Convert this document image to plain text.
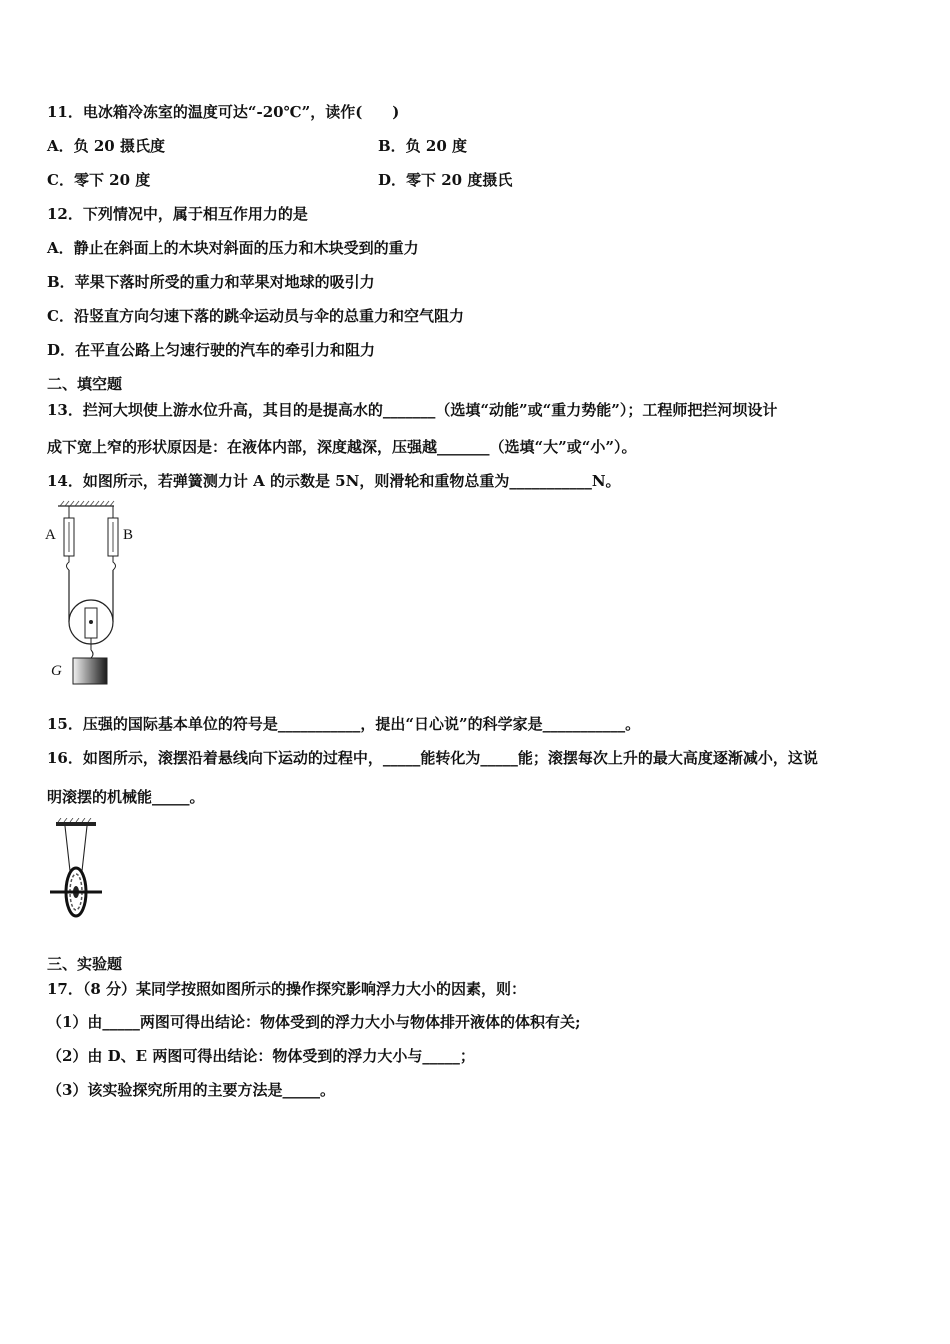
11．电冰箱冷冻室的温度可达“-20℃”，读作(　　)
A．负 20 摄氏度	B．负 20 度
C．零下 20 度	D．零下 20 度摄氏
12．下列情况中，属于相互作用力的是
A．静止在斜面上的木块对斜面的压力和木块受到的重力
B．苹果下落时所受的重力和苹果对地球的吸引力
C．沿竖直方向匀速下落的跳伞运动员与伞的总重力和空气阻力
D．在平直公路上匀速行驶的汽车的牵引力和阻力
二、填空题
13．拦河大坝使上游水位升高，其目的是提高水的_______（选填“动能”或“重力势能”）；工程师把拦河坝设计
成下宽上窄的形状原因是：在液体内部，深度越深，压强越_______（选填“大”或“小”）。
14．如图所示，若弹簧测力计 A 的示数是 5N，则滑轮和重物总重为___________N。
A	B
G
15．压强的国际基本单位的符号是___________，提出“日心说”的科学家是___________。
16．如图所示，滚摆沿着悬线向下运动的过程中，_____能转化为_____能；滚摆每次上升的最大高度逐渐减小，这说
明滚摆的机械能_____。
三、实验题
17．（8 分）某同学按照如图所示的操作探究影响浮力大小的因素，则：
（1）由_____两图可得出结论：物体受到的浮力大小与物体排开液体的体积有关;
（2）由 D、E 两图可得出结论：物体受到的浮力大小与_____；
（3）该实验探究所用的主要方法是_____。
